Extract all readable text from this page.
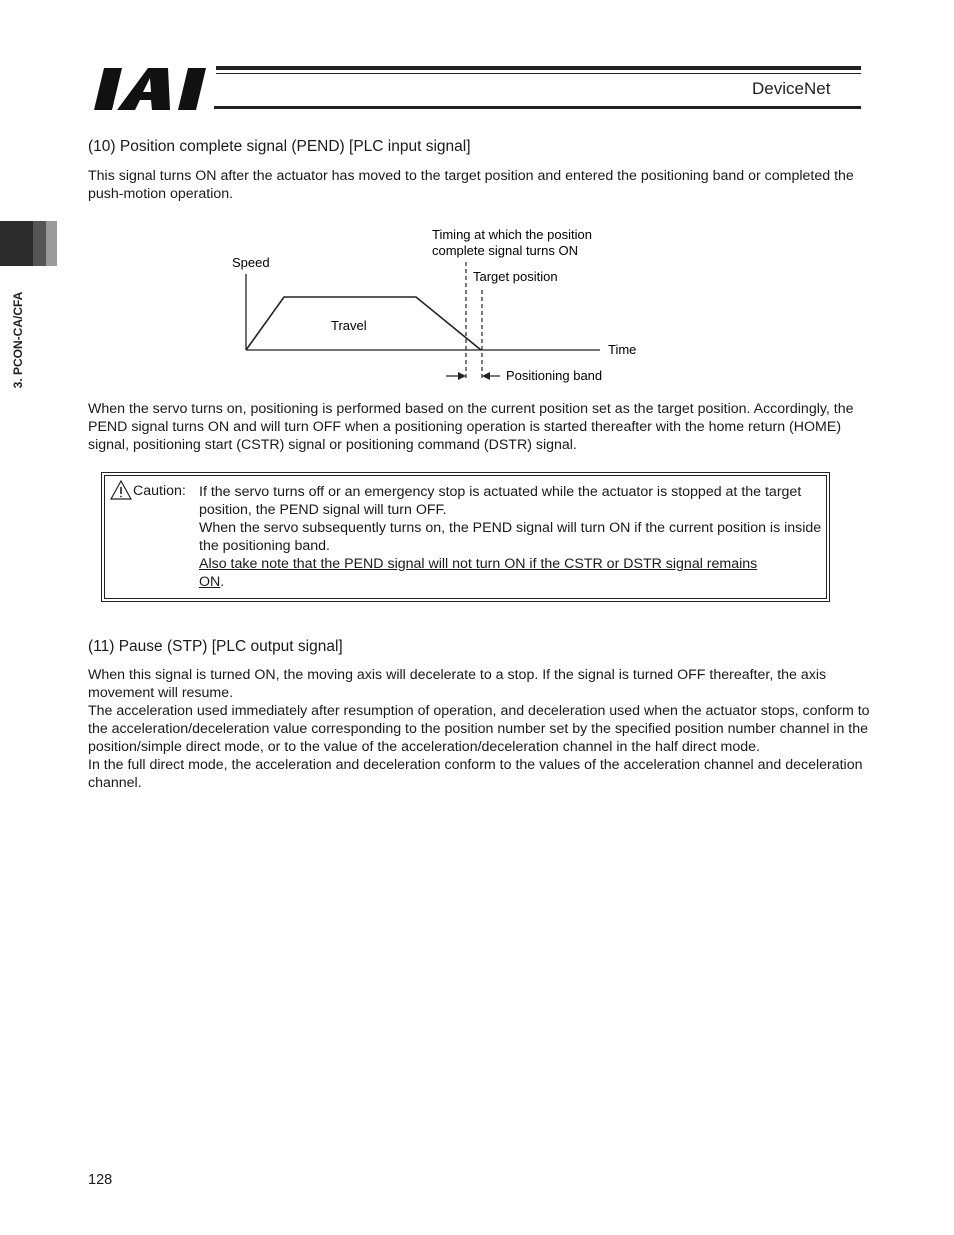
IAI
DeviceNet
3. PCON-CA/CFA
(10) Position complete signal (PEND) [PLC input signal]
This signal turns ON after the actuator has moved to the target position and entered the positioning band or completed the push-motion operation.
Timing at which the position
complete signal turns ON
Speed
Target position
Travel
Time
Positioning band
When the servo turns on, positioning is performed based on the current position set as the target position. Accordingly, the PEND signal turns ON and will turn OFF when a positioning operation is started thereafter with the home return (HOME) signal, positioning start (CSTR) signal or positioning command (DSTR) signal.
Caution: If the servo turns off or an emergency stop is actuated while the actuator is stopped at the target position, the PEND signal will turn OFF.
When the servo subsequently turns on, the PEND signal will turn ON if the current position is inside the positioning band.
Also take note that the PEND signal will not turn ON if the CSTR or DSTR signal remains
ON.
(11) Pause (STP) [PLC output signal]
When this signal is turned ON, the moving axis will decelerate to a stop. If the signal is turned OFF thereafter, the axis movement will resume.
The acceleration used immediately after resumption of operation, and deceleration used when the actuator stops, conform to the acceleration/deceleration value corresponding to the position number set by the specified position number channel in the position/simple direct mode, or to the value of the acceleration/deceleration channel in the half direct mode.
In the full direct mode, the acceleration and deceleration conform to the values of the acceleration channel and deceleration channel.
128
